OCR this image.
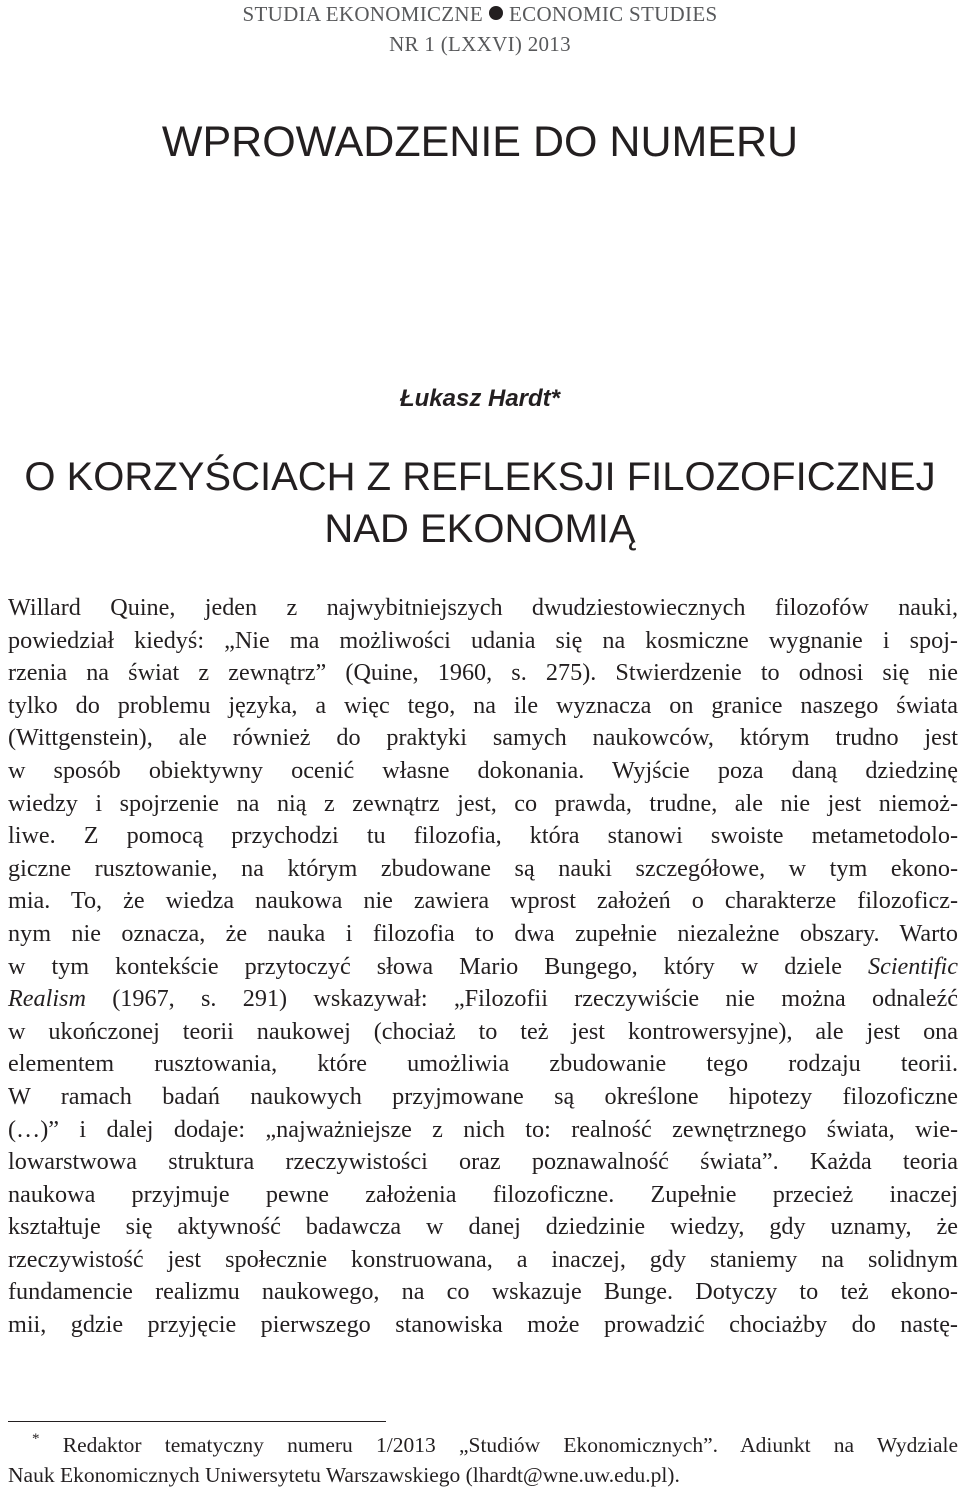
STUDIA EKONOMICZNE ECONOMIC STUDIES

NR 1 (LXXVI) 2013

WPROWADZENIE DO NUMERU

Łukasz Hardt*

O KORZYŚCIACH Z REFLEKSJI FILOZOFICZNEJ
NAD EKONOMIĄ
Willard Quine, jeden z najwybitniejszych dwudziestowiecznych filozofów nauki,
powiedział kiedyś: „Nie ma możliwości udania się na kosmiczne wygnanie i spoj-
rzenia na świat z zewnątrz” (Quine, 1960, s. 275). Stwierdzenie to odnosi się nie
tylko do problemu języka, a więc tego, na ile wyznacza on granice naszego świata
(Wittgenstein), ale również do praktyki samych naukowców, którym trudno jest
w sposób obiektywny ocenić własne dokonania. Wyjście poza daną dziedzinę
wiedzy i spojrzenie na nią z zewnątrz jest, co prawda, trudne, ale nie jest niemoż-
liwe. Z pomocą przychodzi tu filozofia, która stanowi swoiste metametodolo-
giczne rusztowanie, na którym zbudowane są nauki szczegółowe, w tym ekono-
mia. To, że wiedza naukowa nie zawiera wprost założeń o charakterze filozoficz-
nym nie oznacza, że nauka i filozofia to dwa zupełnie niezależne obszary. Warto
w tym kontekście przytoczyć słowa Mario Bungego, który w dziele Scientific
Realism (1967, s. 291) wskazywał: „Filozofii rzeczywiście nie można odnaleźć
w ukończonej teorii naukowej (chociaż to też jest kontrowersyjne), ale jest ona
elementem rusztowania, które umożliwia zbudowanie tego rodzaju teorii.
W ramach badań naukowych przyjmowane są określone hipotezy filozoficzne
(…)” i dalej dodaje: „najważniejsze z nich to: realność zewnętrznego świata, wie-
lowarstwowa struktura rzeczywistości oraz poznawalność świata”. Każda teoria
naukowa przyjmuje pewne założenia filozoficzne. Zupełnie przecież inaczej
kształtuje się aktywność badawcza w danej dziedzinie wiedzy, gdy uznamy, że
rzeczywistość jest społecznie konstruowana, a inaczej, gdy staniemy na solidnym
fundamencie realizmu naukowego, na co wskazuje Bunge. Dotyczy to też ekono-
mii, gdzie przyjęcie pierwszego stanowiska może prowadzić chociażby do nastę-
* Redaktor tematyczny numeru 1/2013 „Studiów Ekonomicznych”. Adiunkt na Wydziale
Nauk Ekonomicznych Uniwersytetu Warszawskiego (lhardt@wne.uw.edu.pl).
